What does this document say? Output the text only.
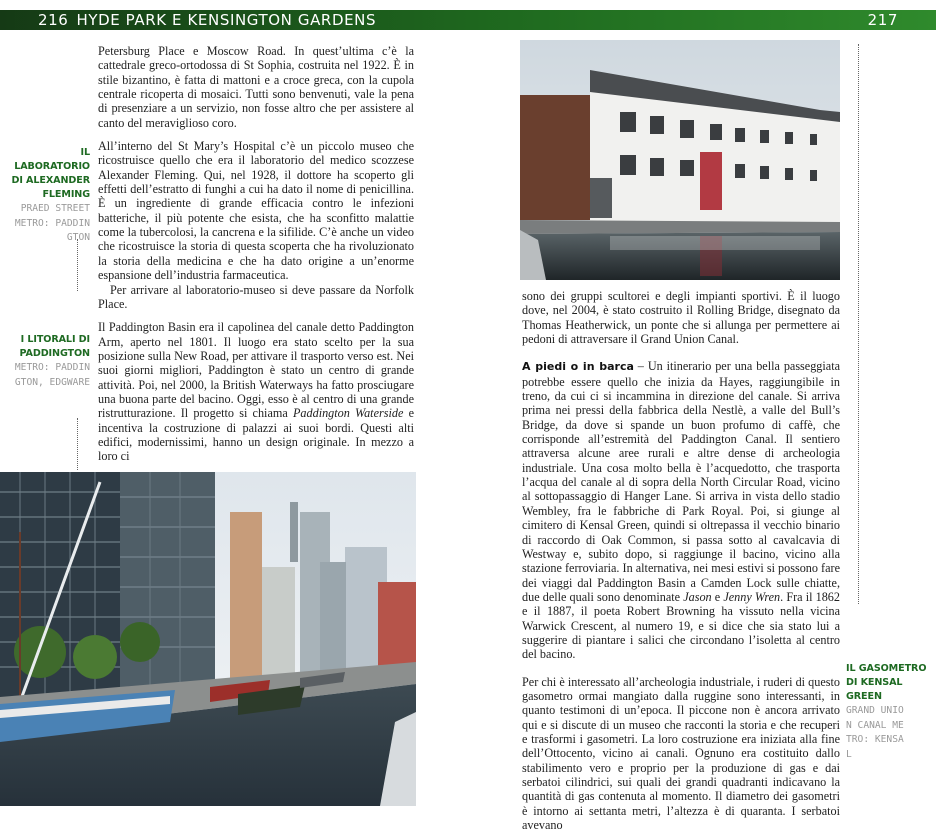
216 HYDE PARK E KENSINGTON GARDENS	217

Petersburg Place e Moscow Road. In quest’ultima c’è la cattedrale greco-ortodossa di St Sophia, costruita nel 1922. È in stile bizantino, è fatta di mattoni e a croce greca, con la cupola centrale ricoperta di mosaici. Tutti sono benvenuti, vale la pena di presenziare a un servizio, non fosse altro che per assistere al canto del meraviglioso coro.

All’interno del St Mary’s Hospital c’è un piccolo museo che ricostruisce quello che era il laboratorio del medico scozzese Alexander Fleming. Qui, nel 1928, il dottore ha scoperto gli effetti dell’estratto di funghi a cui ha dato il nome di penicillina. È un ingrediente di grande efficacia contro le infezioni batteriche, il più potente che esista, che ha sconfitto malattie come la tubercolosi, la cancrena e la sifilide. C’è anche un video che ricostruisce la storia di questa scoperta che ha rivoluzionato la storia della medicina e che ha dato origine a un’enorme espansione dell’industria farmaceutica.

Per arrivare al laboratorio-museo si deve passare da Norfolk Place.

Il Paddington Basin era il capolinea del canale detto Paddington Arm, aperto nel 1801. Il luogo era stato scelto per la sua posizione sulla New Road, per attivare il trasporto verso est. Nei suoi giorni migliori, Paddington è stato un centro di grande attività. Poi, nel 2000, la British Waterways ha fatto prosciugare una buona parte del bacino. Oggi, esso è al centro di una grande ristrutturazione. Il progetto si chiama Paddington Waterside e incentiva la costruzione di palazzi ai suoi bordi. Questi alti edifici, modernissimi, hanno un design originale. In mezzo a loro ci

IL LABORATORIO DI ALEXANDER FLEMING
PRAED STREET METRO: PADDINGTON
I LITORALI DI PADDINGTON
METRO: PADDINGTON, EDGWARE

sono dei gruppi scultorei e degli impianti sportivi. È il luogo dove, nel 2004, è stato costruito il Rolling Bridge, disegnato da Thomas Heatherwick, un ponte che si allunga per permettere ai pedoni di attraversare il Grand Union Canal.

A piedi o in barca – Un itinerario per una bella passeggiata potrebbe essere quello che inizia da Hayes, raggiungibile in treno, da cui ci si incammina in direzione del canale. Si arriva prima nei pressi della fabbrica della Nestlè, a valle del Bull’s Bridge, da dove si spande un buon profumo di caffè, che corrisponde all’estremità del Paddington Canal. Il sentiero attraversa alcune aree rurali e altre dense di archeologia industriale. Una cosa molto bella è l’acquedotto, che trasporta l’acqua del canale al di sopra della North Circular Road, vicino al sottopassaggio di Hanger Lane. Si arriva in vista dello stadio Wembley, fra le fabbriche di Park Royal. Poi, si giunge al cimitero di Kensal Green, quindi si oltrepassa il vecchio binario di raccordo di Oak Common, si passa sotto al cavalcavia di Westway e, subito dopo, si raggiunge il bacino, vicino alla stazione ferroviaria. In alternativa, nei mesi estivi si possono fare dei viaggi dal Paddington Basin a Camden Lock sulle chiatte, due delle quali sono denominate Jason e Jenny Wren. Fra il 1862 e il 1887, il poeta Robert Browning ha vissuto nella vicina Warwick Crescent, al numero 19, e si dice che sia stato lui a suggerire di piantare i salici che circondano l’isoletta al centro del bacino.

Per chi è interessato all’archeologia industriale, i ruderi di questo gasometro ormai mangiato dalla ruggine sono interessanti, in quanto testimoni di un’epoca. Il piccone non è ancora arrivato qui e si discute di un museo che racconti la storia e che recuperi e trasformi i gasometri. La loro costruzione era iniziata alla fine dell’Ottocento, vicino ai canali. Ognuno era costituito dallo stabilimento vero e proprio per la produzione di gas e dai serbatoi cilindrici, sui quali dei grandi quadranti indicavano la quantità di gas contenuta al momento. Il diametro dei gasometri è intorno ai settanta metri, l’altezza è di quaranta. I serbatoi avevano

IL GASOMETRO DI KENSAL GREEN
GRAND UNION CANAL METRO: KENSAL
